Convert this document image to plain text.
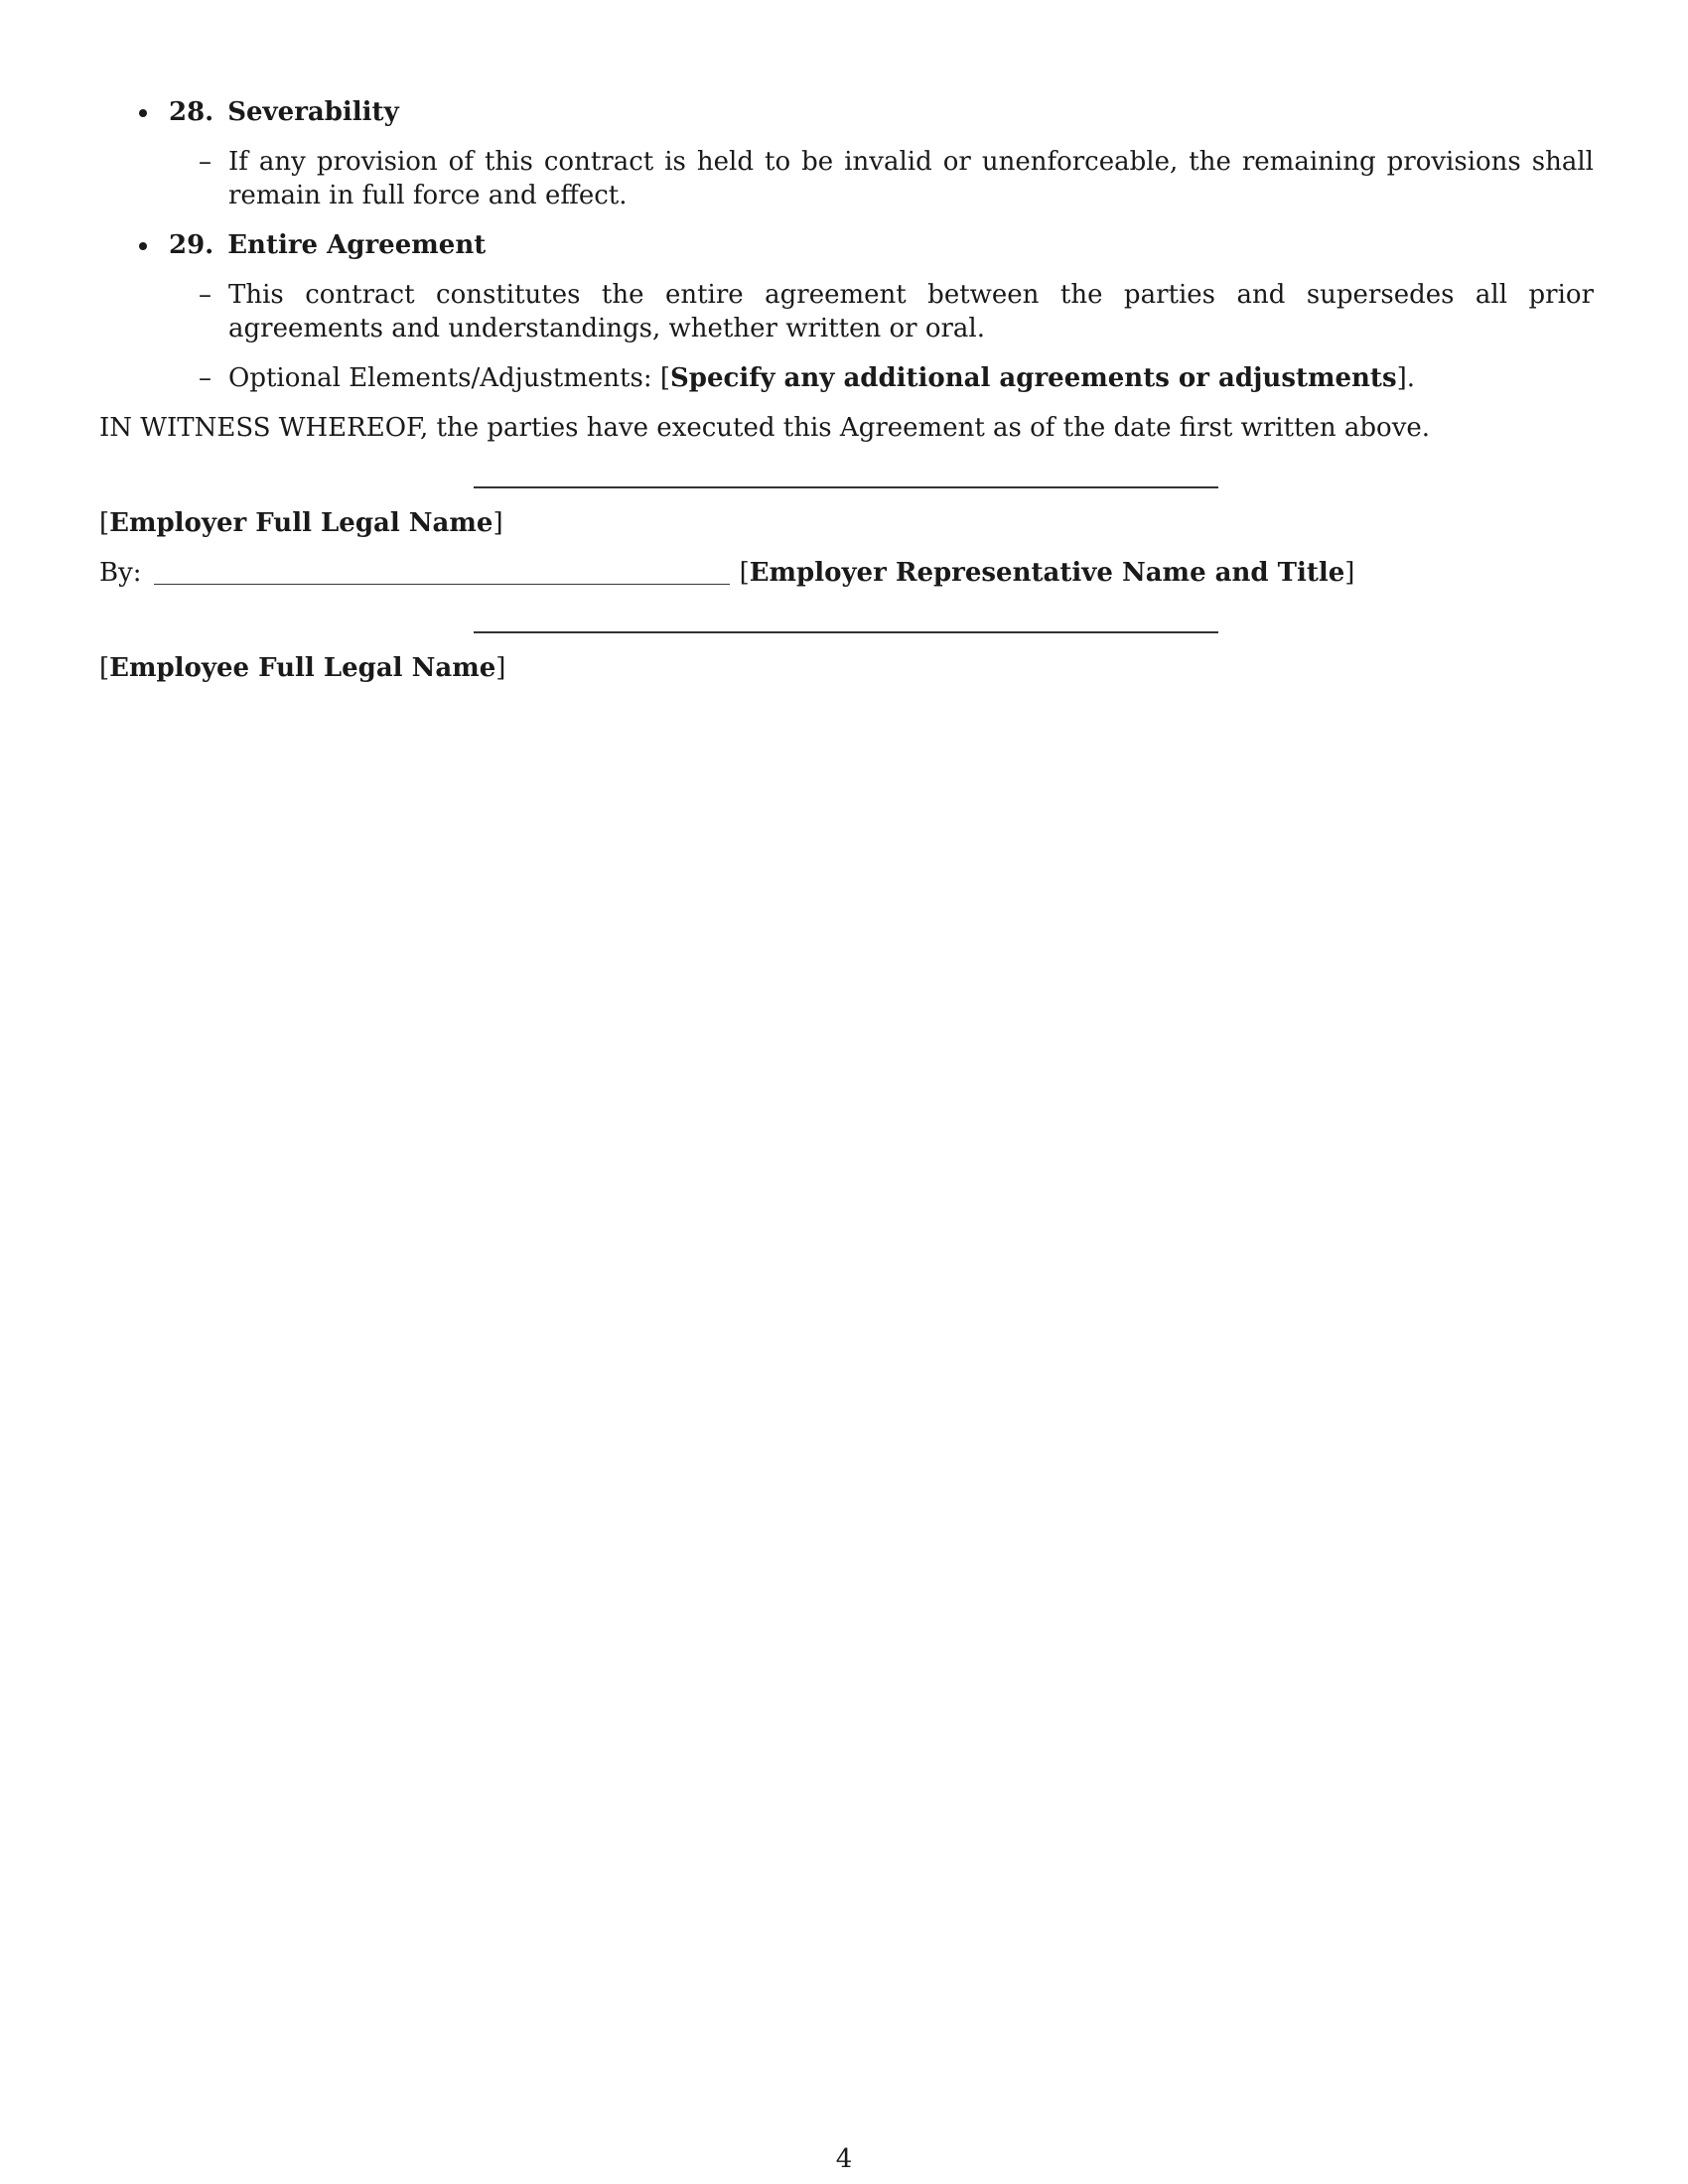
28. Severability
– If any provision of this contract is held to be invalid or unenforceable, the remaining provisions shall remain in full force and effect.
29. Entire Agreement
– This contract constitutes the entire agreement between the parties and supersedes all prior agreements and understandings, whether written or oral.
– Optional Elements/Adjustments: [Specify any additional agreements or adjustments].

IN WITNESS WHEREOF, the parties have executed this Agreement as of the date first written above.

[Employer Full Legal Name]
By:	[ Employer Representative Name and Title ]
[Employee Full Legal Name]
4
